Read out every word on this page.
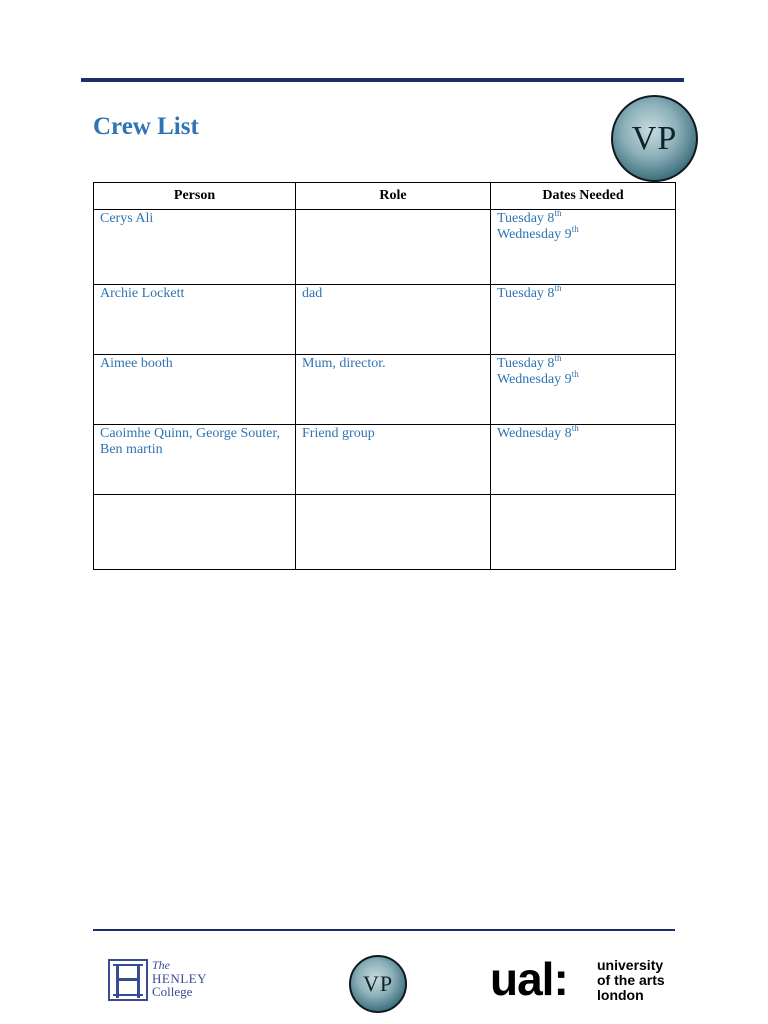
Crew List	VP
Person	Role	Dates Needed

Cerys Ali		Tuesday 8th
Wednesday 9th

Archie Lockett	dad	Tuesday 8th

Aimee booth	Mum, director.	Tuesday 8th
Wednesday 9th

Caoimhe Quinn, George Souter, Ben martin	Friend group	Wednesday 8th

The
HENLEY
College	VP ual: university
of the arts
london
